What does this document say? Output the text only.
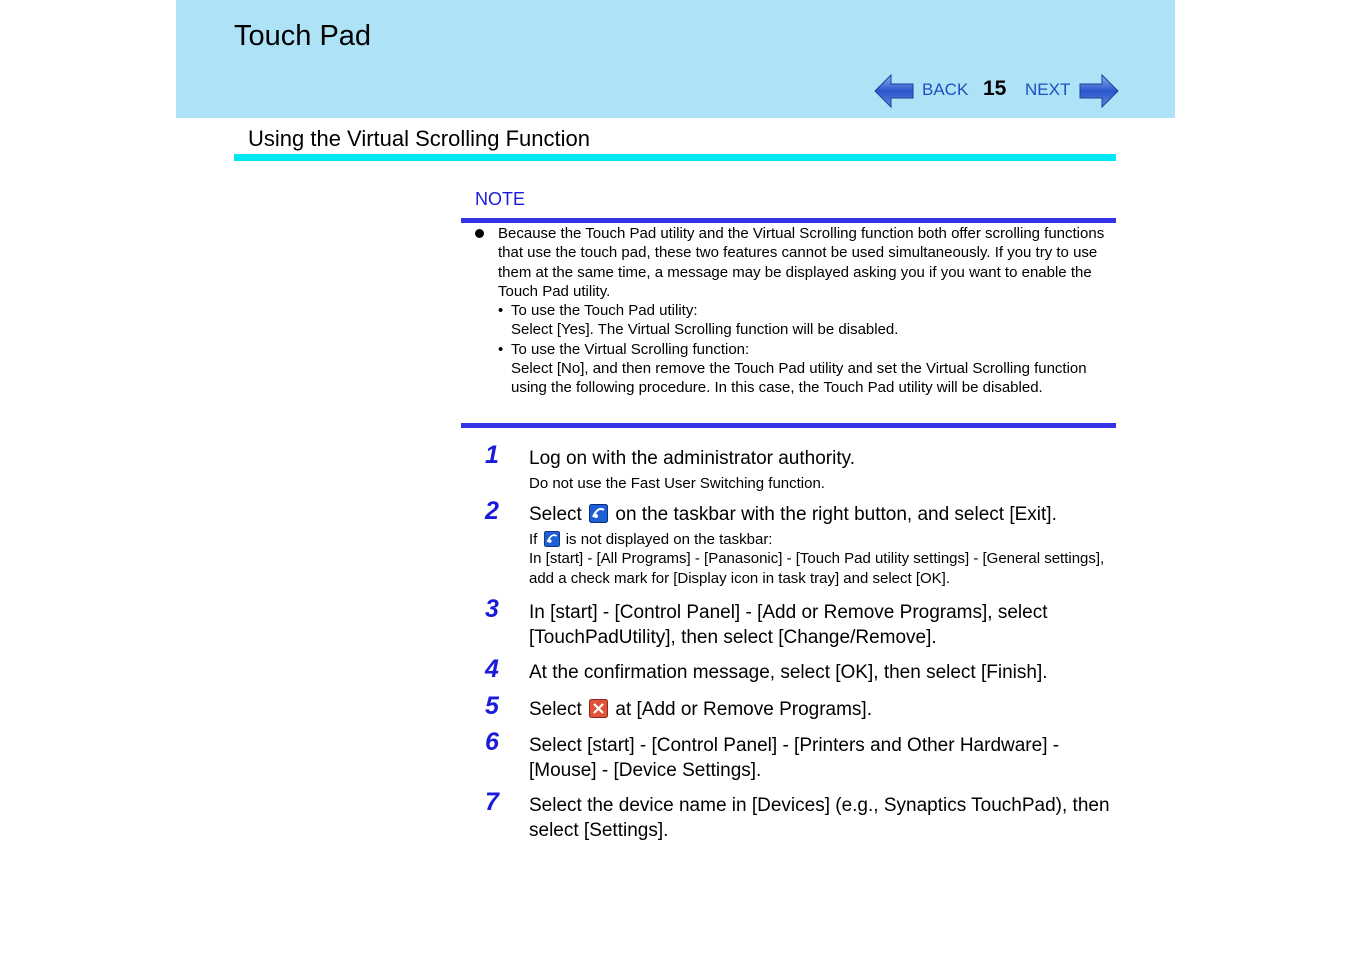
Touch Pad
BACK 15 NEXT
Using the Virtual Scrolling Function
NOTE
Because the Touch Pad utility and the Virtual Scrolling function both offer scrolling functions that use the touch pad, these two features cannot be used simultaneously. If you try to use them at the same time, a message may be displayed asking you if you want to enable the Touch Pad utility.
• To use the Touch Pad utility:
Select [Yes]. The Virtual Scrolling function will be disabled.
• To use the Virtual Scrolling function:
Select [No], and then remove the Touch Pad utility and set the Virtual Scrolling function using the following procedure. In this case, the Touch Pad utility will be disabled.
1	Log on with the administrator authority.
Do not use the Fast User Switching function.
2	Select on the taskbar with the right button, and select [Exit].
If is not displayed on the taskbar:
In [start] - [All Programs] - [Panasonic] - [Touch Pad utility settings] - [General settings], add a check mark for [Display icon in task tray] and select [OK].
3	In [start] - [Control Panel] - [Add or Remove Programs], select [TouchPadUtility], then select [Change/Remove].
4	At the confirmation message, select [OK], then select [Finish].
5	Select at [Add or Remove Programs].
6	Select [start] - [Control Panel] - [Printers and Other Hardware] - [Mouse] - [Device Settings].
7	Select the device name in [Devices] (e.g., Synaptics TouchPad), then select [Settings].
